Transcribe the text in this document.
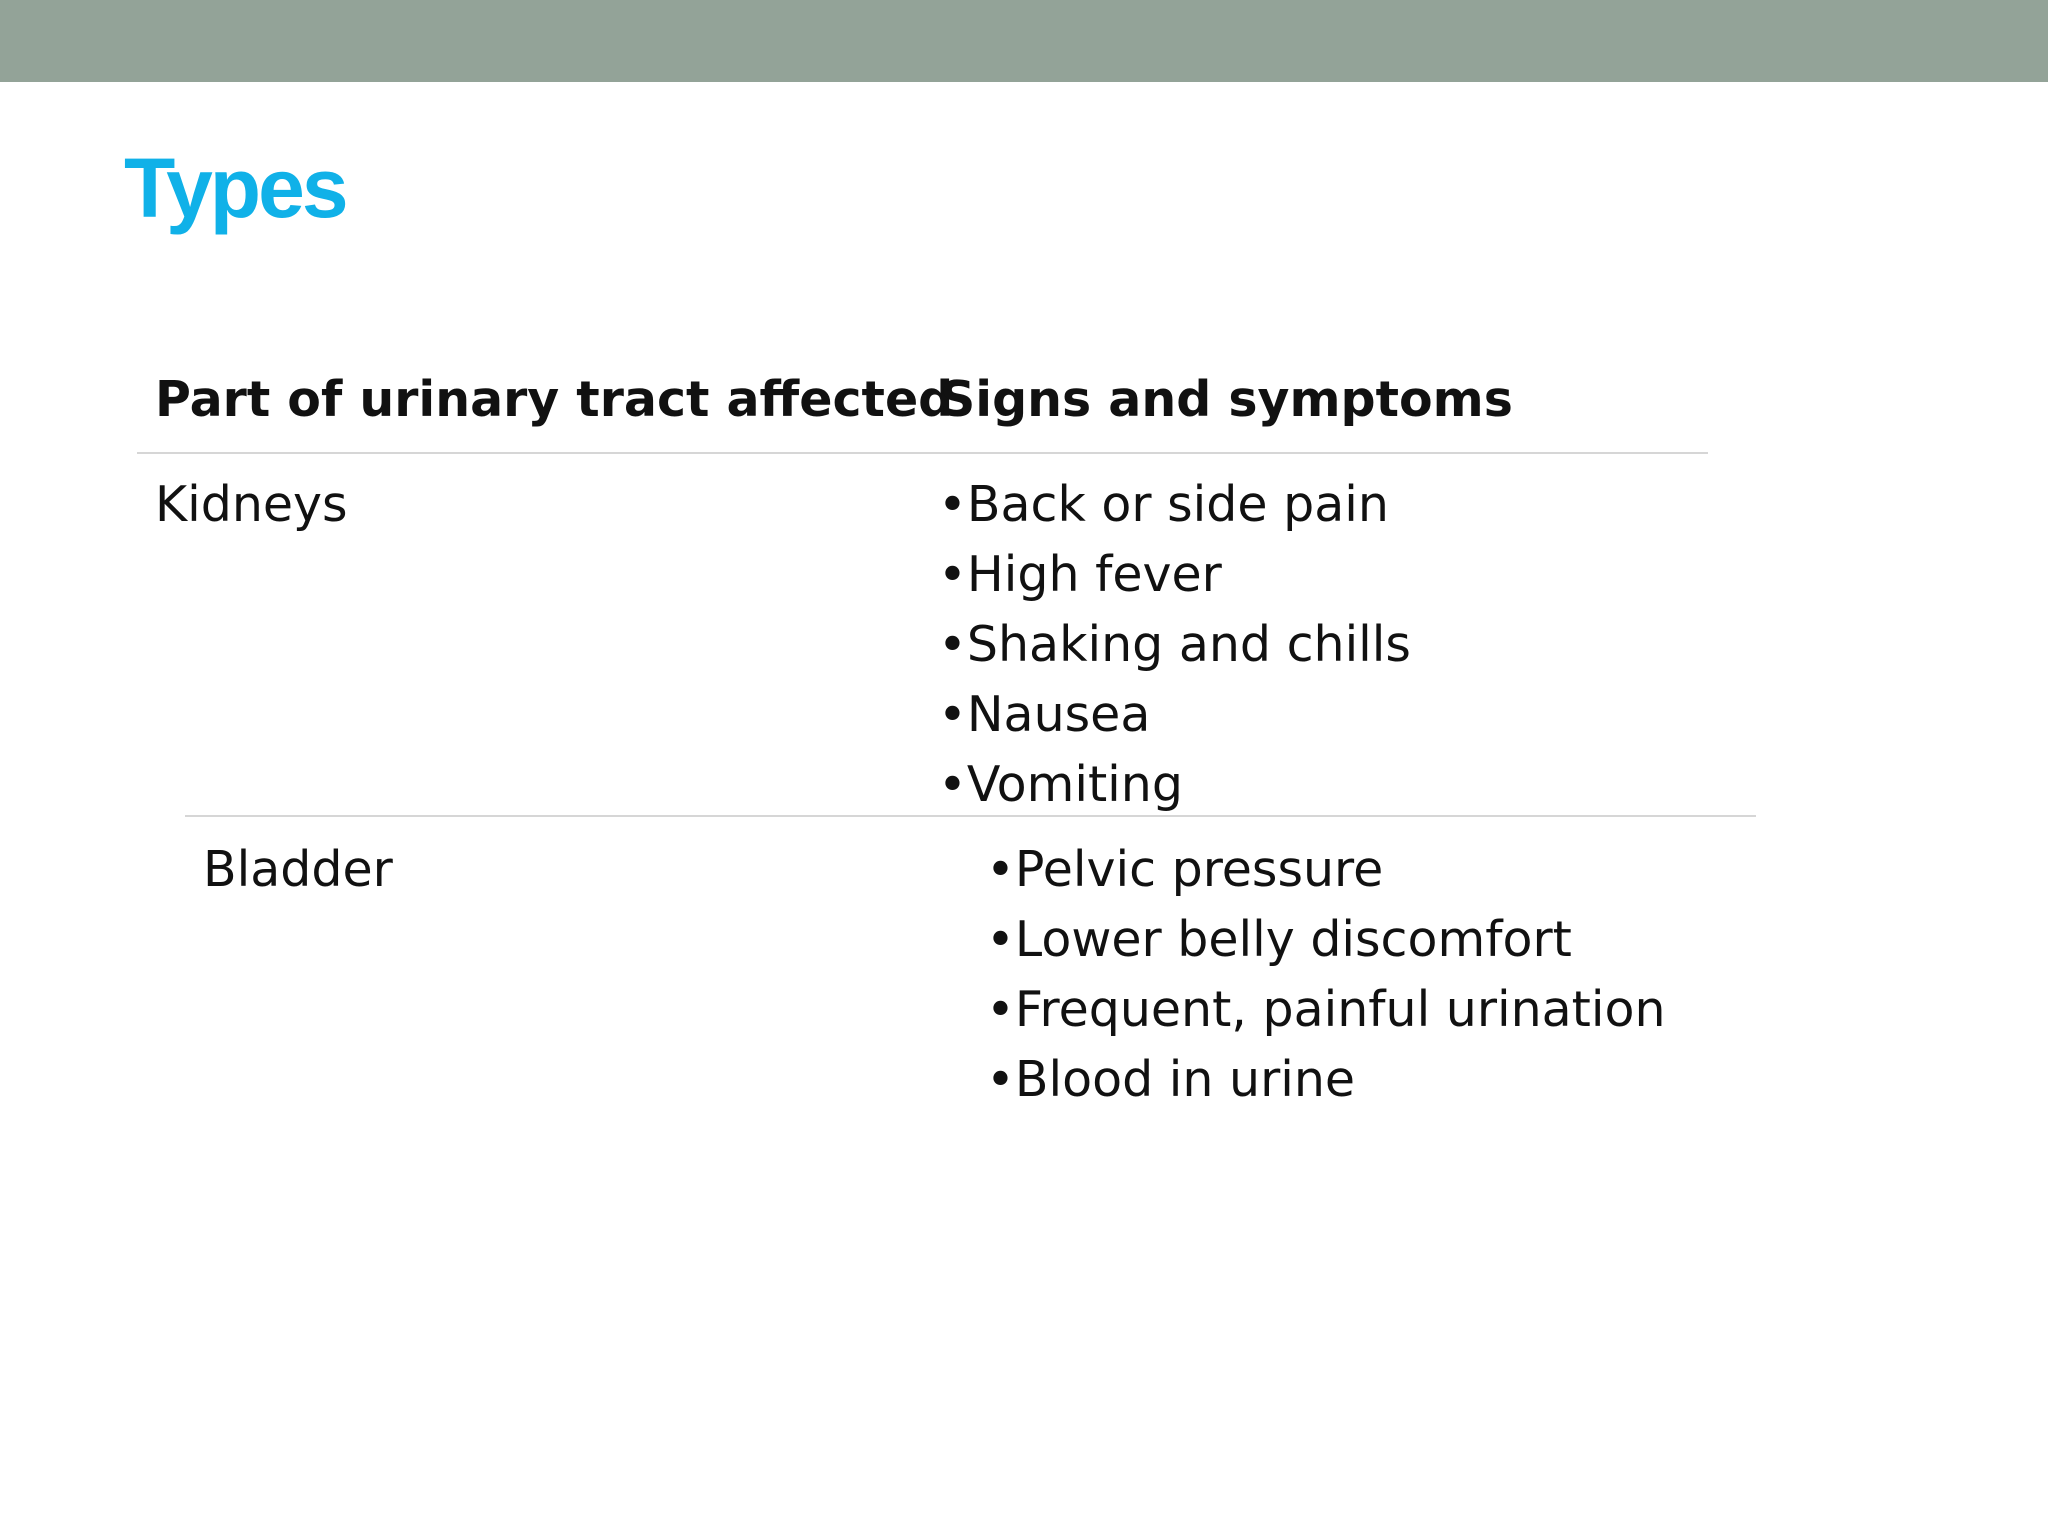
Types
Part of urinary tract affected
Signs and symptoms
Kidneys	•Back or side pain
•High fever
•Shaking and chills
•Nausea
•Vomiting
Bladder	•Pelvic pressure
•Lower belly discomfort
•Frequent, painful urination
•Blood in urine
